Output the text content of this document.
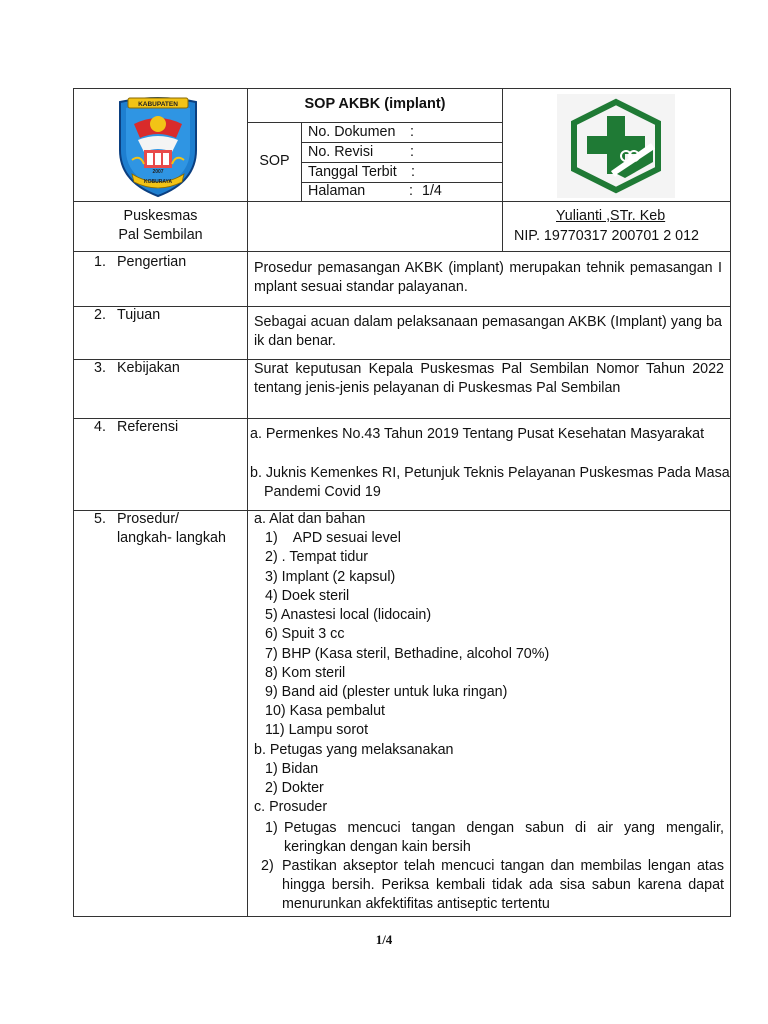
KABUPATEN
2007
KOBURAYA
SOP AKBK (implant)
SOP
No. Dokumen :
No. Revisi	:
Tanggal Terbit :
Halaman	: 1/4
Puskesmas
Pal Sembilan
Yulianti ,STr. Keb
NIP. 19770317 200701 2 012
1. Pengertian
2. Tujuan
3. Kebijakan
4. Referensi
5. Prosedur/
langkah- langkah
Prosedur pemasangan AKBK (implant) merupakan tehnik pemasangan Implant sesuai standar palayanan.
Sebagai acuan dalam pelaksanaan pemasangan AKBK (Implant) yang baik dan benar.
Surat keputusan Kepala Puskesmas Pal Sembilan Nomor Tahun 2022 tentang jenis-jenis pelayanan di Puskesmas Pal Sembilan
a. Permenkes No.43 Tahun 2019 Tentang Pusat Kesehatan Masyarakat
b. Juknis Kemenkes RI, Petunjuk Teknis Pelayanan Puskesmas Pada Masa Pandemi Covid 19
a. Alat dan bahan
1)    APD sesuai level
2) . Tempat tidur
3) Implant (2 kapsul)
4) Doek steril
5) Anastesi local (lidocain)
6) Spuit 3 cc
7) BHP (Kasa steril, Bethadine, alcohol 70%)
8) Kom steril
9) Band aid (plester untuk luka ringan)
10) Kasa pembalut
11) Lampu sorot
b. Petugas yang melaksanakan
1) Bidan
2) Dokter
c. Prosuder
1) Petugas mencuci tangan dengan sabun di air yang mengalir, keringkan dengan kain bersih
2) Pastikan akseptor telah mencuci tangan dan membilas lengan atas hingga bersih. Periksa kembali tidak ada sisa sabun karena dapat menurunkan akfektifitas antiseptic tertentu
1/4
